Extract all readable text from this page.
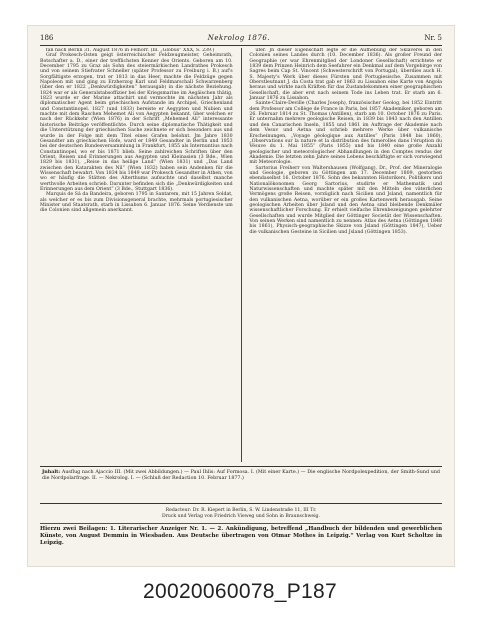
186	Nekrolog 1876.	Nr. 5

fan nach Berlin 31. August 1876 in Felhörr. (Ill. „Globus“ XXX, S. 239.)

Graf Prokesch-Osten geigt österreichischer Feldzeugmeister, Geheimrath, Botschafter a. D., einer der trefflichsten Kenner des Orients. Geboren am 10. December 1795 zu Graz als Sohn des steiermärkischen Landrathes Prokesch und von seinem Stiefvater Schneller (später Professor zu Freiburg i. B.) auf's Sorgfältigste erzogen, trat er 1813 in das Heer, machte die Feldzüge gegen Napoleon mit und ging zu Erzherzog Karl und Feldmarschall Schwarzenberg (über den er 1822 „Denkwürdigkeiten“ herausgab) in die nächste Beziehung. 1824 war er als Generalstabsoffizier bei der Kriegsmarine im Aegäischen thätig, 1823 wurde er der Marine attachirt und vermochte im nächsten Jahr als diplomatischer Agent beim griechischen Aufstande im Archipel, Griechenland und Constantinopel. 1827 (und 1833) bereiste er Aegypten und Nubien und machte mit dem Raschen Mehemet Ali von Aegypten bekannt, über welchen er nach der Rückkehr (Wien 1876) in der Schrift „Mehemed Ali“ interessante historische Beiträge veröffentlichte. Durch seine diplomatische Thätigkeit und die Unterstützung der griechischen Sache zeichnete er sich besonders aus und wurde in der Folge mit dem Titel eines Grafen belohnt. Jm Jahre 1830 Gesandter am griechischen Hofe, ward er 1849 Gesandter in Berlin und 1853 bei der deutschen Bundesversammlung in Frankfurt, 1855 als Internuntius nach Constantinopel, wo er bis 1871 blieb. Seine zahlreichen Schriften über den Orient, Reisen und Erinnerungen aus Aegypten und Kleinasien (3 Bde., Wien 1829 bis 1831), „Reise in das heilige Land“ (Wien 1831) und „Das Land zwischen den Katarakten des Nil“ (Wien 1832) haben sein Andenken für die Wissenschaft bewahrt. Von 1834 bis 1849 war Prokesch Gesandter in Athen, von wo er häufig die Stätten des Alterthums aufsuchte und daselbst manche werthvolle Arbeiten schrieb. Darunter befinden sich die „Denkwürdigkeiten und Erinnerungen aus dem Orient“ (3 Bde., Stuttgart 1836).

Marquis de Sá da Bandeira, geboren 1795 in Santarem, mit 15 Jahren Soldat, als welcher er es bis zum Divisionsgeneral brachte, mehrmals portugiesischer Minister und Staatsrath, starb in Lissabon 6. Januar 1876. Seine Verdienste um die Colonien sind allgemein anerkannt.

ufer. Jn dieser Eigenschaft legte er die Aufhebung der Sklaverei in den Colonien seines Landes durch (10. December 1836). Als großer Freund der Geographie (er war Ehrenmitglied der Londoner Gesellschaft) errichtete er 1839 dem Prinzen Heinrich dem Seefahrer ein Denkmal auf dem Vorgebirge von Sagres beim Cap St. Vincent (Schwesterschrift von Portugal), überdies auch H. S. Majesty's Werk über dieses Fürsten und Portugiesische. Zusammen mit Oberstleutnant J. da Costa trat gab er 1863 zu Lissabon eine Karte von Angola heraus und wirkte nach Kräften für das Zustandekommen einer geographischen Gesellschaft, die aber erst nach seinem Tode ins Leben trat. Er starb am 6. Januar 1876 zu Lissabon.

Sainte-Claire-Deville (Charles Joseph), französischer Geolog, bei 1852 Eintritt dem Professor am Collège de France in Paris, bei 1857 Akademiker, geboren am 26. Februar 1814 zu St. Thomas (Antillen), starb am 10. October 1876 zu Paris. Er unternahm mehrere geologische Reisen, in 1839 bis 1843 nach den Antillen und den Canarischen Inseln, 1855 und 1861 im Auftrage der Akademie nach dem Vesuv und Aetna und schrieb mehrere Werke über vulkanische Erscheinungen, „Voyage géologique aux Antilles“ (Paris 1848 bis 1860), „Observations sur la nature et la distribution des fumerolles dans l'éruption du Vésuve du 1. Mai 1855“ (Paris 1855) und bis 1840 eine große Anzahl geologischer und meteorologischer Abhandlungen in den Comptes rendus der Akademie. Die letzten zehn Jahre seines Lebens beschäftigte er sich vorwiegend mit Meteorologie.

Sartorius Freiherr von Waltershausen (Wolfgang), Dr., Prof. der Mineralogie und Geologie, geboren zu Göttingen am 17. December 1809, gestorben ebendaselbst 16. October 1876. Sohn des bekannten Historikers, Politikers und Nationalökonomen Georg Sartorius, studirte er Mathematik und Naturwissenschaften und machte später mit den Mitteln des väterlichen Vermögens große Reisen, vorzüglich nach Sicilien und Jsland, namentlich für den vulkanischen Aetna, worüber er ein großes Kartenwerk herausgab. Seine geologischen Arbeiten über Jsland und den Aetna sind bleibende Denkmäler wissenschaftlicher Forschung. Er erhielt vielfache Ehrenbezeigungen gelehrter Gesellschaften und wurde Mitglied der Göttinger Societät der Wissenschaften. Von seinen Werken sind namentlich zu nennen: Atlas des Aetna (Göttingen 1848 bis 1861), Physisch-geographische Skizze von Jsland (Göttingen 1847), Ueber die vulkanischen Gesteine in Sicilien und Jsland (Göttingen 1853).

Jnhalt: Ausflug nach Ajaccio III. (Mit zwei Abbildungen.) — Paul Ihlis: Auf Formosa. I. (Mit einer Karte.) — Die englische Nordpolexpedition, der Smith-Sund und die Nordpolarfrage. II. — Nekrolog. I. — (Schluß der Redaction 10. Februar 1877.)
Redacteur: Dr. R. Kiepert in Berlin, S. W. Lindenstraße 11, III Tr.
Druck und Verlag von Friedrich Vieweg und Sohn in Braunschweig.
Hierzu zwei Beilagen: 1. Literarischer Anzeiger Nr. 1. — 2. Ankündigung, betreffend „Handbuch der bildenden und gewerblichen Künste, von August Demmin in Wiesbaden. Aus Deutsche übertragen von Otmar Mothes in Leipzig.“ Verlag von Kurt Scholtze in Leipzig.
20020060078_P187
